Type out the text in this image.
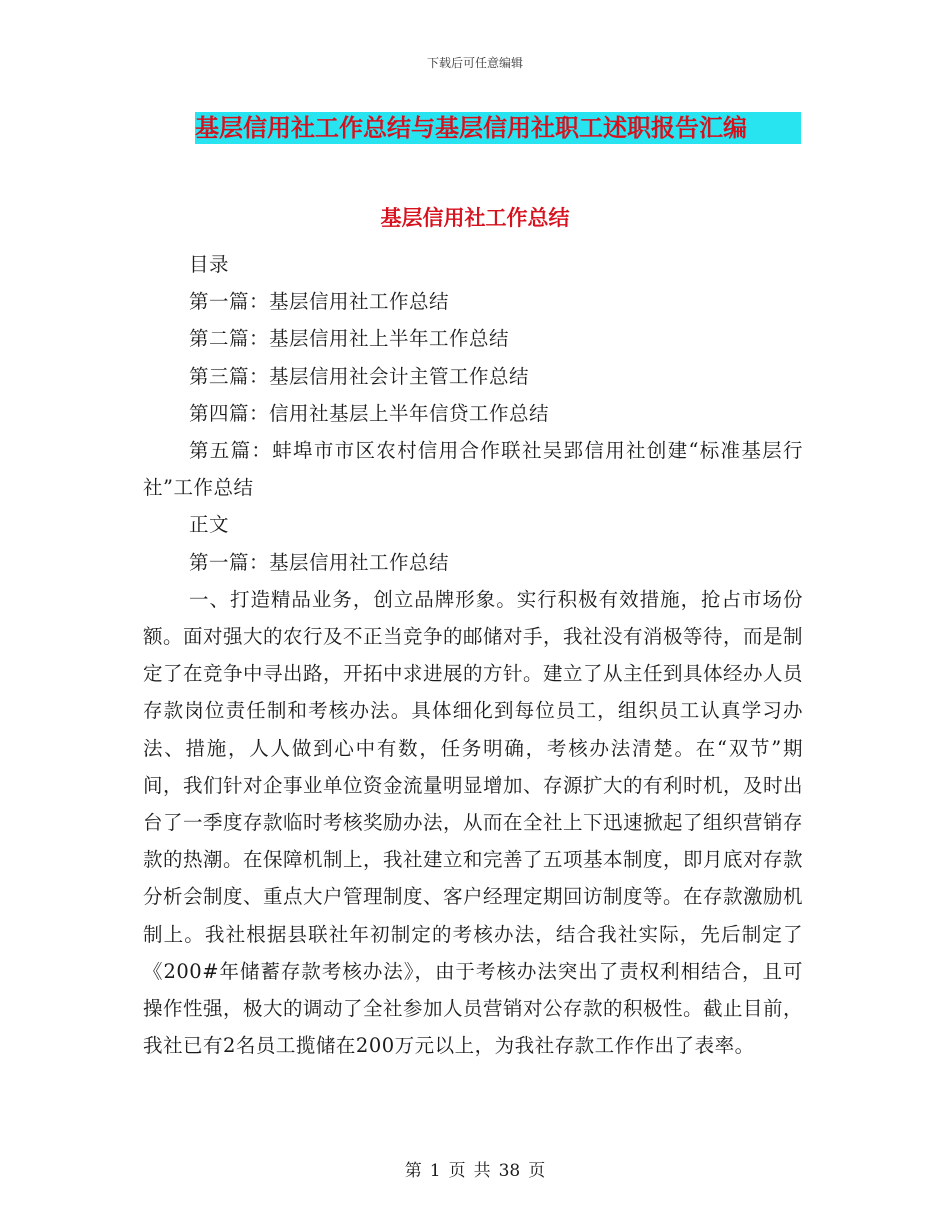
下载后可任意编辑
基层信用社工作总结与基层信用社职工述职报告汇编
基层信用社工作总结

目录

第一篇：基层信用社工作总结

第二篇：基层信用社上半年工作总结

第三篇：基层信用社会计主管工作总结

第四篇：信用社基层上半年信贷工作总结

第五篇：蚌埠市市区农村信用合作联社吴郢信用社创建“标准基层行社”工作总结

正文

第一篇：基层信用社工作总结

一、打造精品业务，创立品牌形象。实行积极有效措施，抢占市场份额。面对强大的农行及不正当竞争的邮储对手，我社没有消极等待，而是制定了在竞争中寻出路，开拓中求进展的方针。建立了从主任到具体经办人员存款岗位责任制和考核办法。具体细化到每位员工，组织员工认真学习办法、措施，人人做到心中有数，任务明确，考核办法清楚。在“双节”期间，我们针对企事业单位资金流量明显增加、存源扩大的有利时机，及时出台了一季度存款临时考核奖励办法，从而在全社上下迅速掀起了组织营销存款的热潮。在保障机制上，我社建立和完善了五项基本制度，即月底对存款分析会制度、重点大户管理制度、客户经理定期回访制度等。在存款激励机制上。我社根据县联社年初制定的考核办法，结合我社实际，先后制定了《200#年储蓄存款考核办法》，由于考核办法突出了责权利相结合，且可操作性强，极大的调动了全社参加人员营销对公存款的积极性。截止目前，我社已有2名员工揽储在200万元以上，为我社存款工作作出了表率。

第 1 页 共 38 页
